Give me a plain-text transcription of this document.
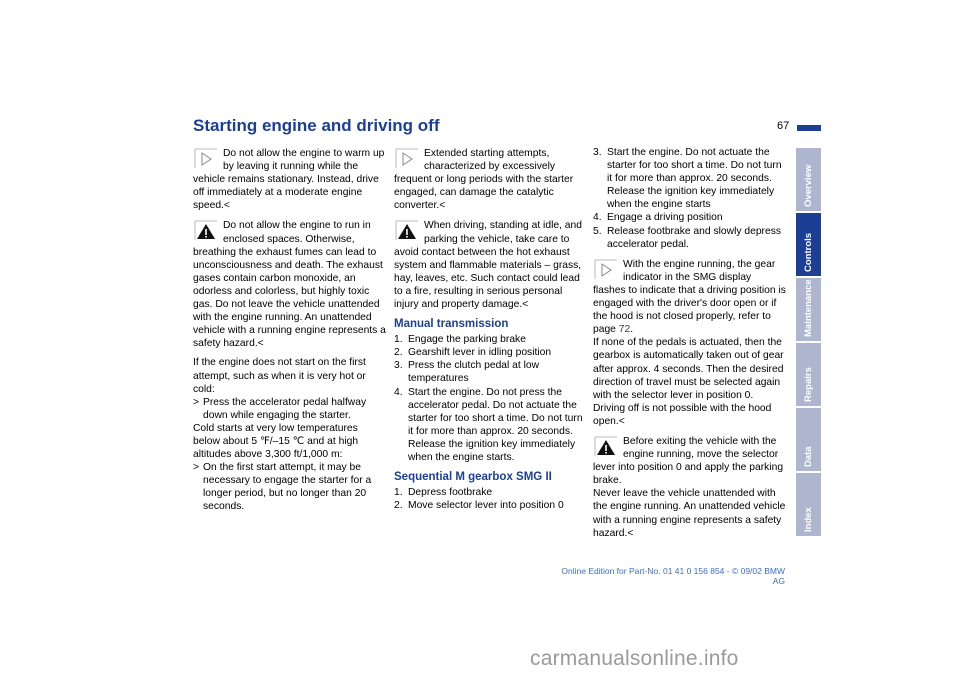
Starting engine and driving off	67

Do not allow the engine to warm up by leaving it running while the vehicle remains stationary. Instead, drive off immediately at a moderate engine speed.<

Do not allow the engine to run in enclosed spaces. Otherwise, breathing the exhaust fumes can lead to unconsciousness and death. The exhaust gases contain carbon monoxide, an odorless and colorless, but highly toxic gas. Do not leave the vehicle unattended with the engine running. An unattended vehicle with a running engine represents a safety hazard.<

If the engine does not start on the first attempt, such as when it is very hot or cold:

> Press the accelerator pedal halfway down while engaging the starter.

Cold starts at very low temperatures below about 5 ℉/–15 ℃ and at high altitudes above 3,300 ft/1,000 m:

> On the first start attempt, it may be necessary to engage the starter for a longer period, but no longer than 20 seconds.

Extended starting attempts, characterized by excessively frequent or long periods with the starter engaged, can damage the catalytic converter.<

When driving, standing at idle, and parking the vehicle, take care to avoid contact between the hot exhaust system and flammable materials – grass, hay, leaves, etc. Such contact could lead to a fire, resulting in serious personal injury and property damage.<

Manual transmission
1. Engage the parking brake
2. Gearshift lever in idling position
3. Press the clutch pedal at low temperatures
4. Start the engine. Do not press the accelerator pedal. Do not actuate the starter for too short a time. Do not turn it for more than approx. 20 seconds. Release the ignition key immediately when the engine starts.
Sequential M gearbox SMG II
1. Depress footbrake
2. Move selector lever into position 0
3. Start the engine. Do not actuate the starter for too short a time. Do not turn it for more than approx. 20 seconds. Release the ignition key immediately when the engine starts
4. Engage a driving position
5. Release footbrake and slowly depress accelerator pedal.

With the engine running, the gear indicator in the SMG display flashes to indicate that a driving position is engaged with the driver's door open or if the hood is not closed properly, refer to page 72.

If none of the pedals is actuated, then the gearbox is automatically taken out of gear after approx. 4 seconds. Then the desired direction of travel must be selected again with the selector lever in position 0. Driving off is not possible with the hood open.<

Before exiting the vehicle with the engine running, move the selector lever into position 0 and apply the parking brake.

Never leave the vehicle unattended with the engine running. An unattended vehicle with a running engine represents a safety hazard.<

Overview
Controls
Maintenance
Repairs
Data
Index
Online Edition for Part-No. 01 41 0 156 854 - © 09/02 BMW AG
carmanualsonline.info
